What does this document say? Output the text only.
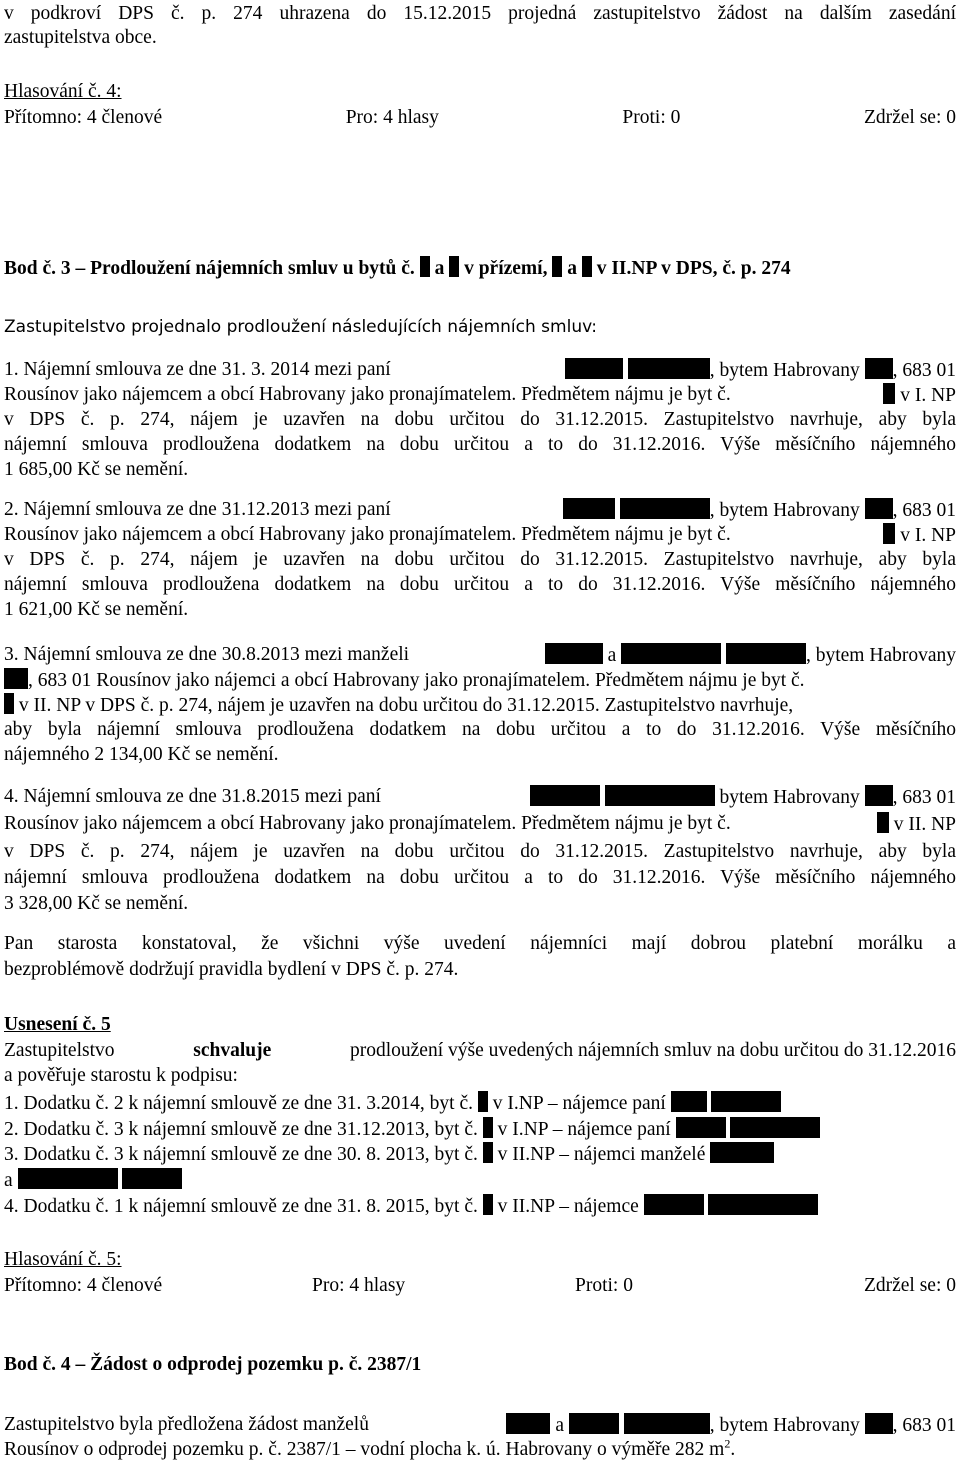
v podkroví DPS č. p. 274 uhrazena do 15.12.2015 projedná zastupitelstvo žádost na dalším zasedání
zastupitelstva obce.
Hlasování č. 4:
Přítomno: 4 členové	Pro: 4 hlasy	Proti: 0	Zdržel se: 0
Bod č. 3 – Prodloužení nájemních smluv u bytů č. a v přízemí, a v II.NP v DPS, č. p. 274
Zastupitelstvo projednalo prodloužení následujících nájemních smluv:
1. Nájemní smlouva ze dne 31. 3. 2014 mezi paní	, bytem Habrovany , 683 01
Rousínov jako nájemcem a obcí Habrovany jako pronajímatelem. Předmětem nájmu je byt č.	v I. NP
v DPS č. p. 274, nájem je uzavřen na dobu určitou do 31.12.2015. Zastupitelstvo navrhuje, aby byla
nájemní smlouva prodloužena dodatkem na dobu určitou a to do 31.12.2016. Výše měsíčního nájemného
1 685,00 Kč se nemění.
2. Nájemní smlouva ze dne 31.12.2013 mezi paní	, bytem Habrovany , 683 01
Rousínov jako nájemcem a obcí Habrovany jako pronajímatelem. Předmětem nájmu je byt č.	v I. NP
v DPS č. p. 274, nájem je uzavřen na dobu určitou do 31.12.2015. Zastupitelstvo navrhuje, aby byla
nájemní smlouva prodloužena dodatkem na dobu určitou a to do 31.12.2016. Výše měsíčního nájemného
1 621,00 Kč se nemění.
3. Nájemní smlouva ze dne 30.8.2013 mezi manželi	a	, bytem Habrovany
, 683 01 Rousínov jako nájemci a obcí Habrovany jako pronajímatelem. Předmětem nájmu je byt č.
v II. NP v DPS č. p. 274, nájem je uzavřen na dobu určitou do 31.12.2015. Zastupitelstvo navrhuje,
aby byla nájemní smlouva prodloužena dodatkem na dobu určitou a to do 31.12.2016. Výše měsíčního
nájemného 2 134,00 Kč se nemění.
4. Nájemní smlouva ze dne 31.8.2015 mezi paní	bytem Habrovany , 683 01
Rousínov jako nájemcem a obcí Habrovany jako pronajímatelem. Předmětem nájmu je byt č.	v II. NP
v DPS č. p. 274, nájem je uzavřen na dobu určitou do 31.12.2015. Zastupitelstvo navrhuje, aby byla
nájemní smlouva prodloužena dodatkem na dobu určitou a to do 31.12.2016. Výše měsíčního nájemného
3 328,00 Kč se nemění.
Pan starosta konstatoval, že všichni výše uvedení nájemníci mají dobrou platební morálku a
bezproblémově dodržují pravidla bydlení v DPS č. p. 274.
Usnesení č. 5
Zastupitelstvo	schvaluje	prodloužení výše uvedených nájemních smluv na dobu určitou do 31.12.2016
a pověřuje starostu k podpisu:
1. Dodatku č. 2 k nájemní smlouvě ze dne 31. 3.2014, byt č. v I.NP – nájemce paní
2. Dodatku č. 3 k nájemní smlouvě ze dne 31.12.2013, byt č. v I.NP – nájemce paní
3. Dodatku č. 3 k nájemní smlouvě ze dne 30. 8. 2013, byt č. v II.NP – nájemci manželé
a
4. Dodatku č. 1 k nájemní smlouvě ze dne 31. 8. 2015, byt č. v II.NP – nájemce
Hlasování č. 5:
Přítomno: 4 členové	Pro: 4 hlasy	Proti: 0	Zdržel se: 0
Bod č. 4 – Žádost o odprodej pozemku p. č. 2387/1
Zastupitelstvo byla předložena žádost manželů	a	, bytem Habrovany , 683 01
Rousínov o odprodej pozemku p. č. 2387/1 – vodní plocha k. ú. Habrovany o výměře 282 $m^2$.
